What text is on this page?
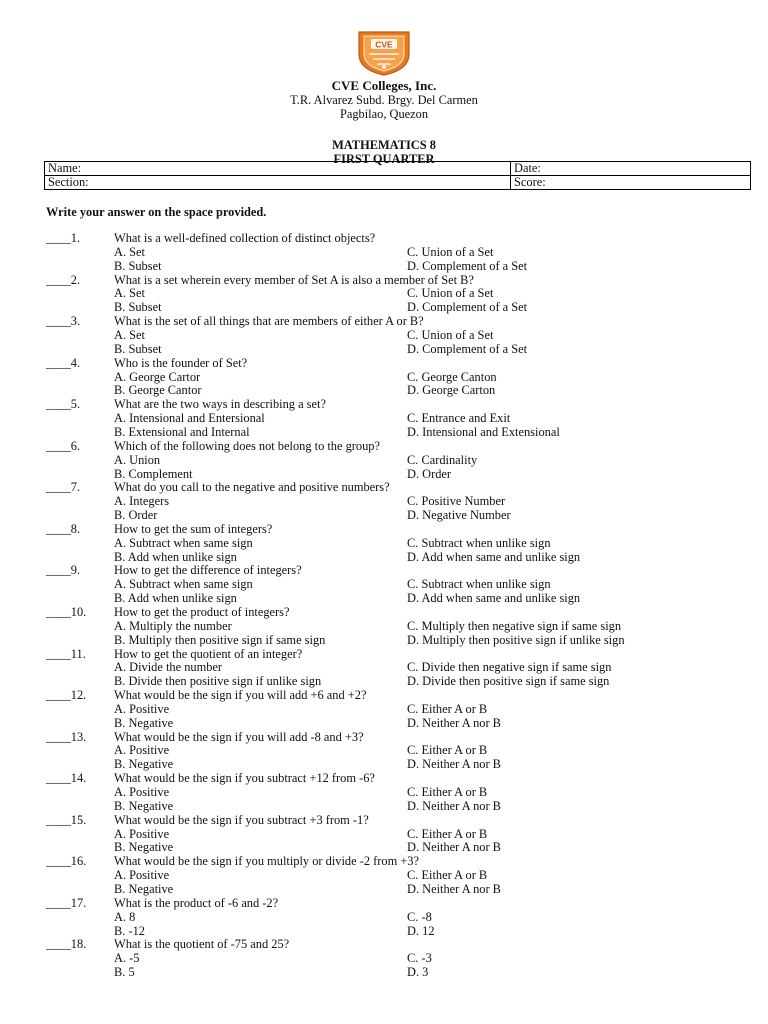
CVE
CVE Colleges, Inc.
T.R. Alvarez Subd. Brgy. Del Carmen
Pagbilao, Quezon
MATHEMATICS 8
FIRST QUARTER
Name:	Date:
Section:	Score:
Write your answer on the space provided.
____1.	What is a well-defined collection of distinct objects?
A. Set	C. Union of a Set
B. Subset	D. Complement of a Set
____2.	What is a set wherein every member of Set A is also a member of Set B?
A. Set	C. Union of a Set
B. Subset	D. Complement of a Set
____3.	What is the set of all things that are members of either A or B?
A. Set	C. Union of a Set
B. Subset	D. Complement of a Set
____4.	Who is the founder of Set?
A. George Cartor	C. George Canton
B. George Cantor	D. George Carton
____5.	What are the two ways in describing a set?
A. Intensional and Entersional	C. Entrance and Exit
B. Extensional and Internal	D. Intensional and Extensional
____6.	Which of the following does not belong to the group?
A. Union	C. Cardinality
B. Complement	D. Order
____7.	What do you call to the negative and positive numbers?
A. Integers	C. Positive Number
B. Order	D. Negative Number
____8.	How to get the sum of integers?
A. Subtract when same sign	C. Subtract when unlike sign
B. Add when unlike sign	D. Add when same and unlike sign
____9.	How to get the difference of integers?
A. Subtract when same sign	C. Subtract when unlike sign
B. Add when unlike sign	D. Add when same and unlike sign
____10. How to get the product of integers?
A. Multiply the number	C. Multiply then negative sign if same sign
B. Multiply then positive sign if same sign	D. Multiply then positive sign if unlike sign
____11. How to get the quotient of an integer?
A. Divide the number	C. Divide then negative sign if same sign
B. Divide then positive sign if unlike sign	D. Divide then positive sign if same sign
____12. What would be the sign if you will add +6 and +2?
A. Positive	C. Either A or B
B. Negative	D. Neither A nor B
____13. What would be the sign if you will add -8 and +3?
A. Positive	C. Either A or B
B. Negative	D. Neither A nor B
____14. What would be the sign if you subtract +12 from -6?
A. Positive	C. Either A or B
B. Negative	D. Neither A nor B
____15. What would be the sign if you subtract +3 from -1?
A. Positive	C. Either A or B
B. Negative	D. Neither A nor B
____16. What would be the sign if you multiply or divide -2 from +3?
A. Positive	C. Either A or B
B. Negative	D. Neither A nor B
____17. What is the product of -6 and -2?
A. 8	C. -8
B. -12	D. 12
____18. What is the quotient of -75 and 25?
A. -5	C. -3
B. 5	D. 3
